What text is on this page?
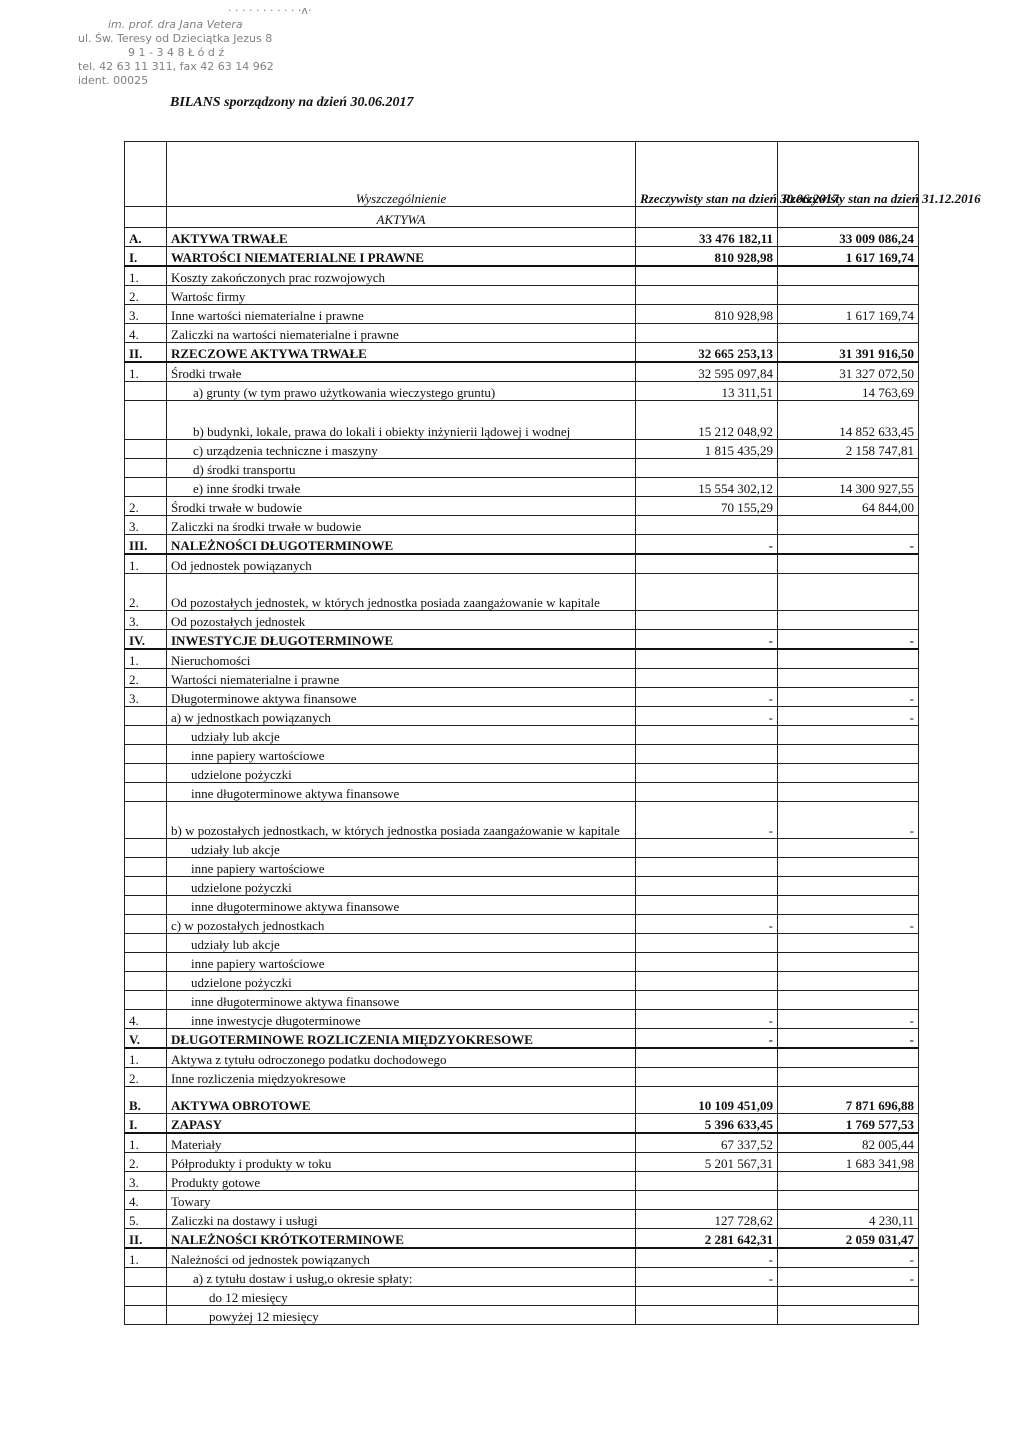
· · · · · · · · · · ·ʌ·
im. prof. dra Jana Vetera
ul. Św. Teresy od Dzieciątka Jezus 8
9 1 - 3 4 8 Ł ó d ź
tel. 42 63 11 311, fax 42 63 14 962
ident. 00025
BILANS sporządzony na dzień 30.06.2017
	Wyszczególnienie	Rzeczywisty stan na dzień 30.06.2017	Rzeczywisty stan na dzień 31.12.2016
	AKTYWA		
A.	AKTYWA TRWAŁE	33 476 182,11	33 009 086,24
I.	WARTOŚCI NIEMATERIALNE I PRAWNE	810 928,98	1 617 169,74
1.	Koszty zakończonych prac rozwojowych		
2.	Wartośc firmy		
3.	Inne wartości niematerialne i prawne	810 928,98	1 617 169,74
4.	Zaliczki na wartości niematerialne i prawne		
II.	RZECZOWE AKTYWA TRWAŁE	32 665 253,13	31 391 916,50
1.	Środki trwałe	32 595 097,84	31 327 072,50
	a) grunty (w tym prawo użytkowania wieczystego gruntu)	13 311,51	14 763,69
	b) budynki, lokale, prawa do lokali i obiekty inżynierii lądowej i wodnej	15 212 048,92	14 852 633,45
	c) urządzenia techniczne i maszyny	1 815 435,29	2 158 747,81
	d) środki transportu		
	e) inne środki trwałe	15 554 302,12	14 300 927,55
2.	Środki trwałe w budowie	70 155,29	64 844,00
3.	Zaliczki na środki trwałe w budowie		
III.	NALEŻNOŚCI DŁUGOTERMINOWE	-	-
1.	Od jednostek powiązanych		
2.	Od pozostałych jednostek, w których jednostka posiada zaangażowanie w kapitale		
3.	Od pozostałych jednostek		
IV.	INWESTYCJE DŁUGOTERMINOWE	-	-
1.	Nieruchomości		
2.	Wartości niematerialne i prawne		
3.	Długoterminowe aktywa finansowe	-	-
	a) w jednostkach powiązanych	-	-
	udziały lub akcje		
	inne papiery wartościowe		
	udzielone pożyczki		
	inne długoterminowe aktywa finansowe		
	b) w pozostałych jednostkach, w których jednostka posiada zaangażowanie w kapitale	-	-
	udziały lub akcje		
	inne papiery wartościowe		
	udzielone pożyczki		
	inne długoterminowe aktywa finansowe		
	c) w pozostałych jednostkach	-	-
	udziały lub akcje		
	inne papiery wartościowe		
	udzielone pożyczki		
	inne długoterminowe aktywa finansowe		
4.	inne inwestycje długoterminowe	-	-
V.	DŁUGOTERMINOWE ROZLICZENIA MIĘDZYOKRESOWE	-	-
1.	Aktywa z tytułu odroczonego podatku dochodowego		
2.	Inne rozliczenia międzyokresowe		
B.	AKTYWA OBROTOWE	10 109 451,09	7 871 696,88
I.	ZAPASY	5 396 633,45	1 769 577,53
1.	Materiały	67 337,52	82 005,44
2.	Półprodukty i produkty w toku	5 201 567,31	1 683 341,98
3.	Produkty gotowe		
4.	Towary		
5.	Zaliczki na dostawy i usługi	127 728,62	4 230,11
II.	NALEŻNOŚCI KRÓTKOTERMINOWE	2 281 642,31	2 059 031,47
1.	Należności od jednostek powiązanych	-	-
	a) z tytułu dostaw i usług,o okresie spłaty:	-	-
	do 12 miesięcy		
	powyżej 12 miesięcy		
